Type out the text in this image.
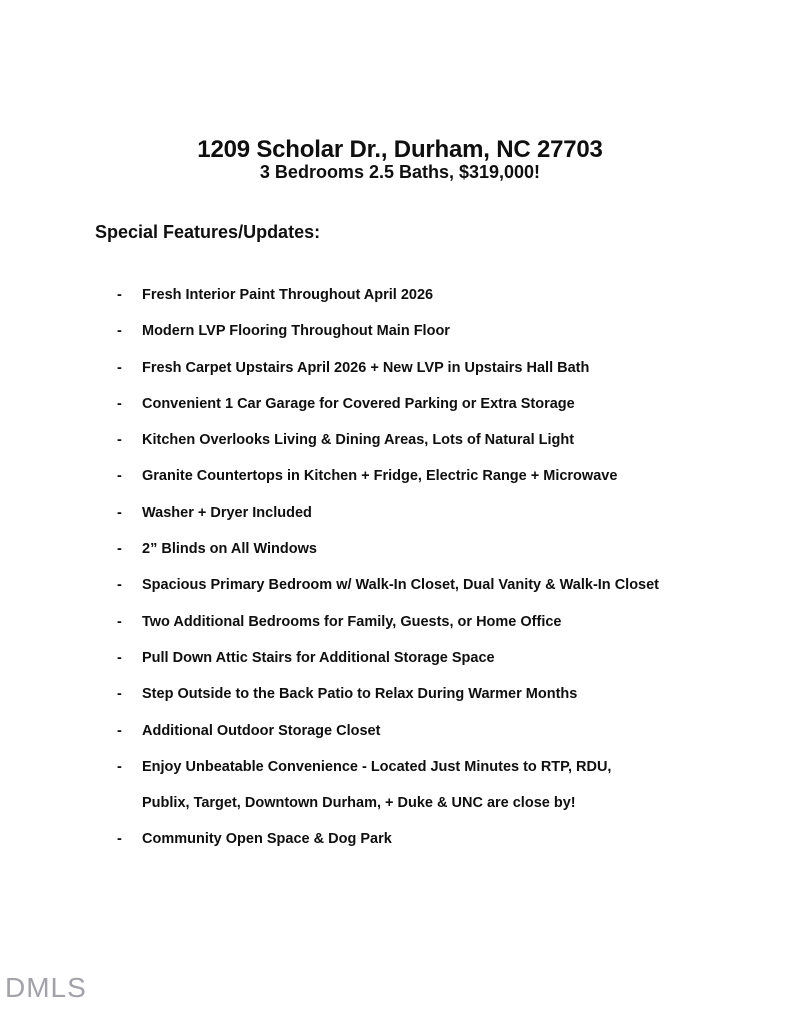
1209 Scholar Dr., Durham, NC 27703
3 Bedrooms 2.5 Baths, $319,000!
Special Features/Updates:
-	Fresh Interior Paint Throughout April 2026
-	Modern LVP Flooring Throughout Main Floor
-	Fresh Carpet Upstairs April 2026 + New LVP in Upstairs Hall Bath
-	Convenient 1 Car Garage for Covered Parking or Extra Storage
-	Kitchen Overlooks Living & Dining Areas, Lots of Natural Light
-	Granite Countertops in Kitchen + Fridge, Electric Range + Microwave
-	Washer + Dryer Included
-	2” Blinds on All Windows
-	Spacious Primary Bedroom w/ Walk-In Closet, Dual Vanity & Walk-In Closet
-	Two Additional Bedrooms for Family, Guests, or Home Office
-	Pull Down Attic Stairs for Additional Storage Space
-	Step Outside to the Back Patio to Relax During Warmer Months
-	Additional Outdoor Storage Closet
-	Enjoy Unbeatable Convenience - Located Just Minutes to RTP, RDU,
Publix, Target, Downtown Durham, + Duke & UNC are close by!
-	Community Open Space & Dog Park
DMLS
